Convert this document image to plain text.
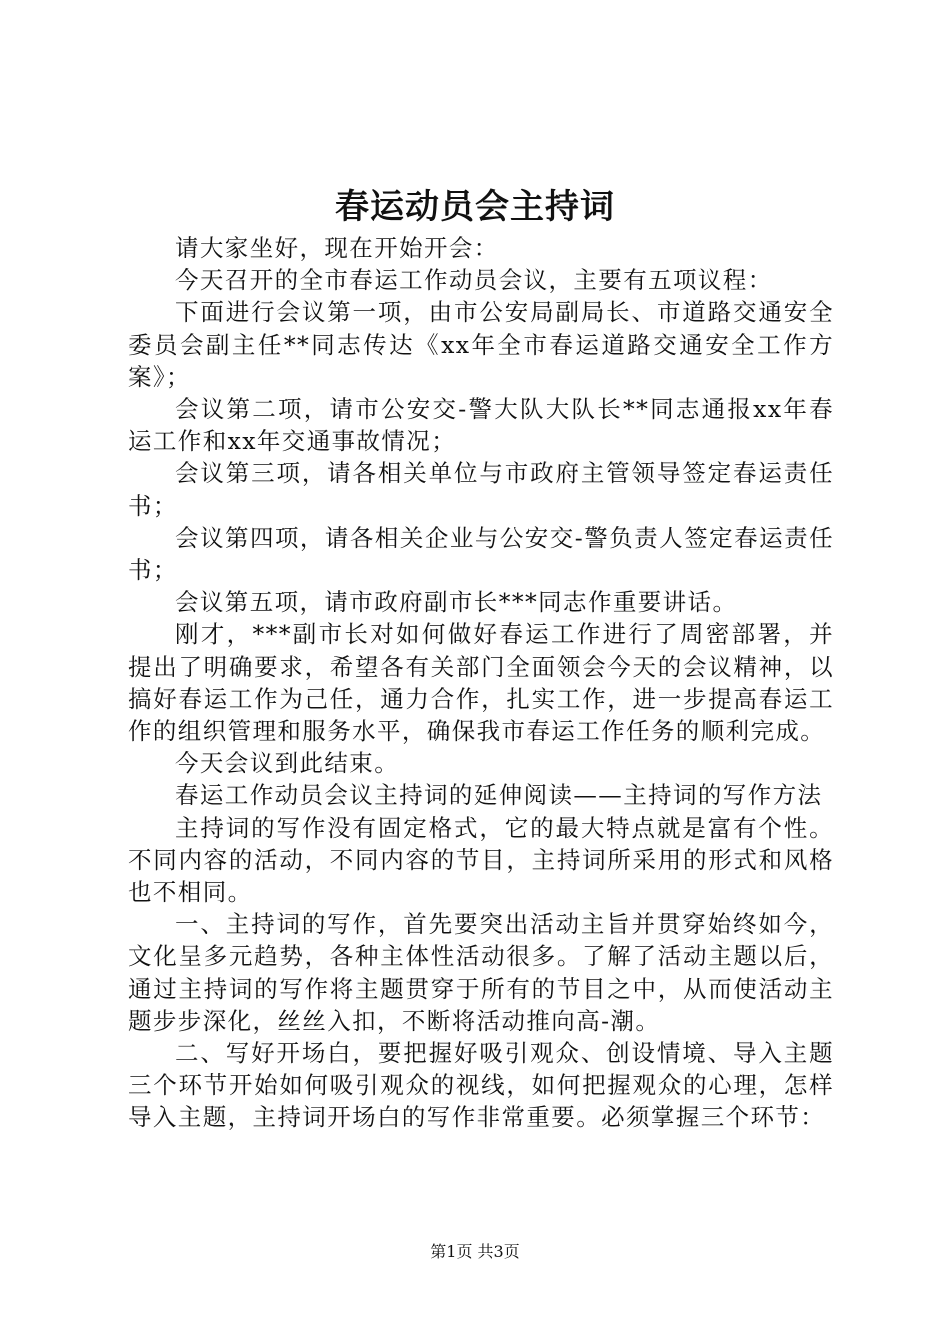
春运动员会主持词

请大家坐好，现在开始开会：

今天召开的全市春运工作动员会议，主要有五项议程：

下面进行会议第一项，由市公安局副局长、市道路交通安全委员会副主任**同志传达《xx年全市春运道路交通安全工作方案》；

会议第二项，请市公安交-警大队大队长**同志通报xx年春运工作和xx年交通事故情况；

会议第三项，请各相关单位与市政府主管领导签定春运责任书；

会议第四项，请各相关企业与公安交-警负责人签定春运责任书；

会议第五项，请市政府副市长***同志作重要讲话。

刚才，***副市长对如何做好春运工作进行了周密部署，并提出了明确要求，希望各有关部门全面领会今天的会议精神，以搞好春运工作为己任，通力合作，扎实工作，进一步提高春运工作的组织管理和服务水平，确保我市春运工作任务的顺利完成。

今天会议到此结束。

春运工作动员会议主持词的延伸阅读——主持词的写作方法

主持词的写作没有固定格式，它的最大特点就是富有个性。不同内容的活动，不同内容的节目，主持词所采用的形式和风格也不相同。

一、主持词的写作，首先要突出活动主旨并贯穿始终如今，文化呈多元趋势，各种主体性活动很多。了解了活动主题以后，通过主持词的写作将主题贯穿于所有的节目之中，从而使活动主题步步深化，丝丝入扣，不断将活动推向高-潮。

二、写好开场白，要把握好吸引观众、创设情境、导入主题三个环节开始如何吸引观众的视线，如何把握观众的心理，怎样导入主题，主持词开场白的写作非常重要。必须掌握三个环节：

第1页 共3页
